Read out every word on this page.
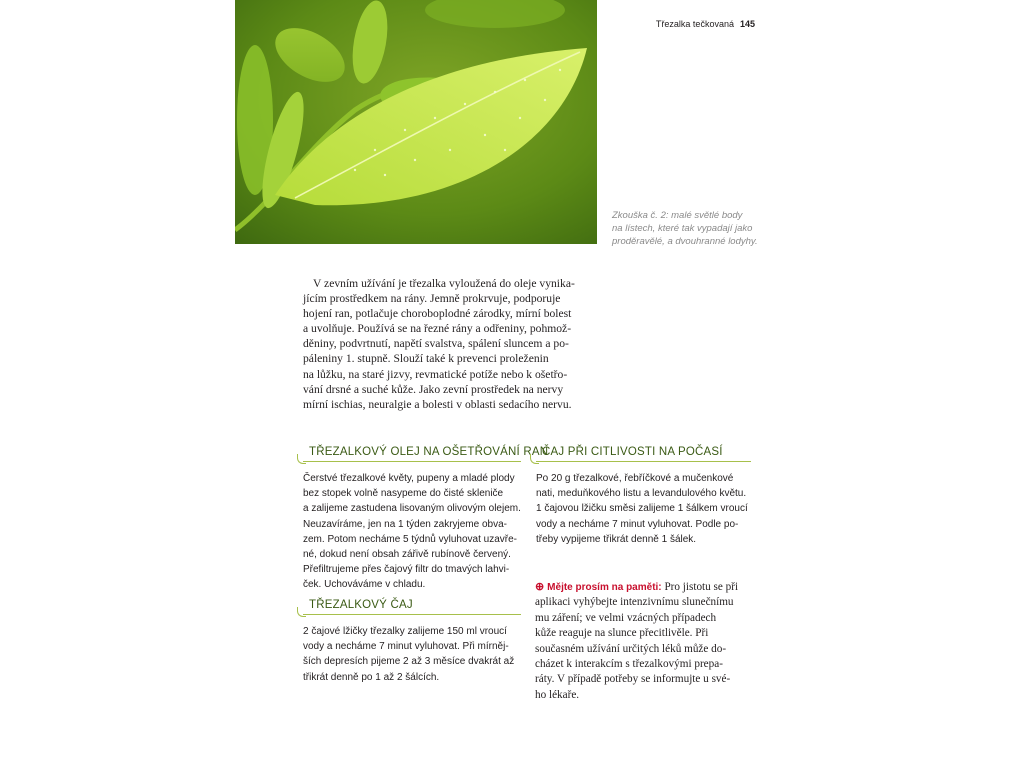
Třezalka tečkovaná 145
Zkouška č. 2: malé světlé body
na lístech, které tak vypadají jako
proděravělé, a dvouhranné lodyhy.
V zevním užívání je třezalka vyloužená do oleje vynika-
jícím prostředkem na rány. Jemně prokrvuje, podporuje
hojení ran, potlačuje choroboplodné zárodky, mírní bolest
a uvolňuje. Používá se na řezné rány a odřeniny, pohmož-
děniny, podvrtnutí, napětí svalstva, spálení sluncem a po-
páleniny 1. stupně. Slouží také k prevenci proleženin
na lůžku, na staré jizvy, revmatické potíže nebo k ošetřo-
vání drsné a suché kůže. Jako zevní prostředek na nervy
mírní ischias, neuralgie a bolesti v oblasti sedacího nervu.
TŘEZALKOVÝ OLEJ NA OŠETŘOVÁNÍ RAN
Čerstvé třezalkové květy, pupeny a mladé plody
bez stopek volně nasypeme do čisté skleniče
a zalijeme zastudena lisovaným olivovým olejem.
Neuzavíráme, jen na 1 týden zakryjeme obva-
zem. Potom necháme 5 týdnů vyluhovat uzavře-
né, dokud není obsah zářivě rubínově červený.
Přefiltrujeme přes čajový filtr do tmavých lahvi-
ček. Uchováváme v chladu.
TŘEZALKOVÝ ČAJ
2 čajové lžičky třezalky zalijeme 150 ml vroucí
vody a necháme 7 minut vyluhovat. Při mírněj-
ších depresích pijeme 2 až 3 měsíce dvakrát až
třikrát denně po 1 až 2 šálcích.
ČAJ PŘI CITLIVOSTI NA POČASÍ
Po 20 g třezalkové, řebříčkové a mučenkové
nati, meduňkového listu a levandulového květu.
1 čajovou lžičku směsi zalijeme 1 šálkem vroucí
vody a necháme 7 minut vyluhovat. Podle po-
třeby vypijeme třikrát denně 1 šálek.
⊕ Mějte prosím na paměti: Pro jistotu se při
aplikaci vyhýbejte intenzivnímu slunečnímu
mu záření; ve velmi vzácných případech
kůže reaguje na slunce přecitlivěle. Při
současném užívání určitých léků může do-
cházet k interakcím s třezalkovými prepa-
ráty. V případě potřeby se informujte u své-
ho lékaře.
